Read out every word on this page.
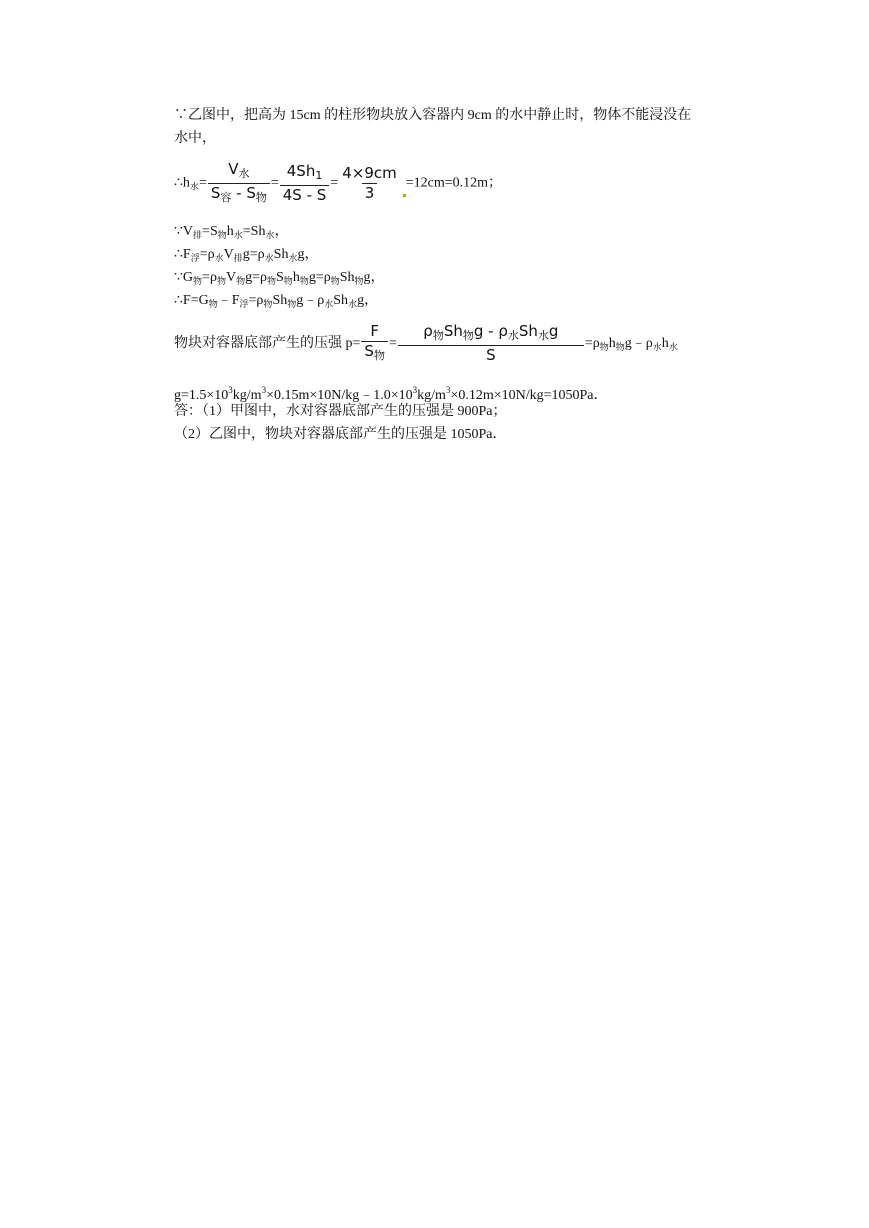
∵乙图中，把高为 15cm 的柱形物块放入容器内 9cm 的水中静止时，物体不能浸没在
水中，
$\therefore h_水= \frac{V_水}{S_容 - S_物} = \frac{4Sh_1}{4S - S} = \frac{4\times 9cm}{3} =12cm=0.12m$；
$\because V_排=S_物h_水=Sh_水$，
$\therefore F_浮=\rho_水V_排g=\rho_水Sh_水g$，
$\because G_物=\rho_物V_物g=\rho_物S_物h_物g=\rho_物Sh_物g$，
$\therefore F=G_物﹣F_浮=\rho_物Sh_物g﹣\rho_水Sh_水g$，
物块对容器底部产生的压强 $p= \frac{F}{S_物} = \frac{\rho_物Sh_物g - \rho_水Sh_水g}{S}$ $=\rho_物h_物g﹣\rho_水h_水$
$g=1.5\times 10^3kg/m^3\times 0.15m\times 10N/kg﹣1.0\times 10^3kg/m^3\times 0.12m\times 10N/kg=1050Pa$．
答：（1）甲图中，水对容器底部产生的压强是 900Pa；
（2）乙图中，物块对容器底部产生的压强是 1050Pa．
